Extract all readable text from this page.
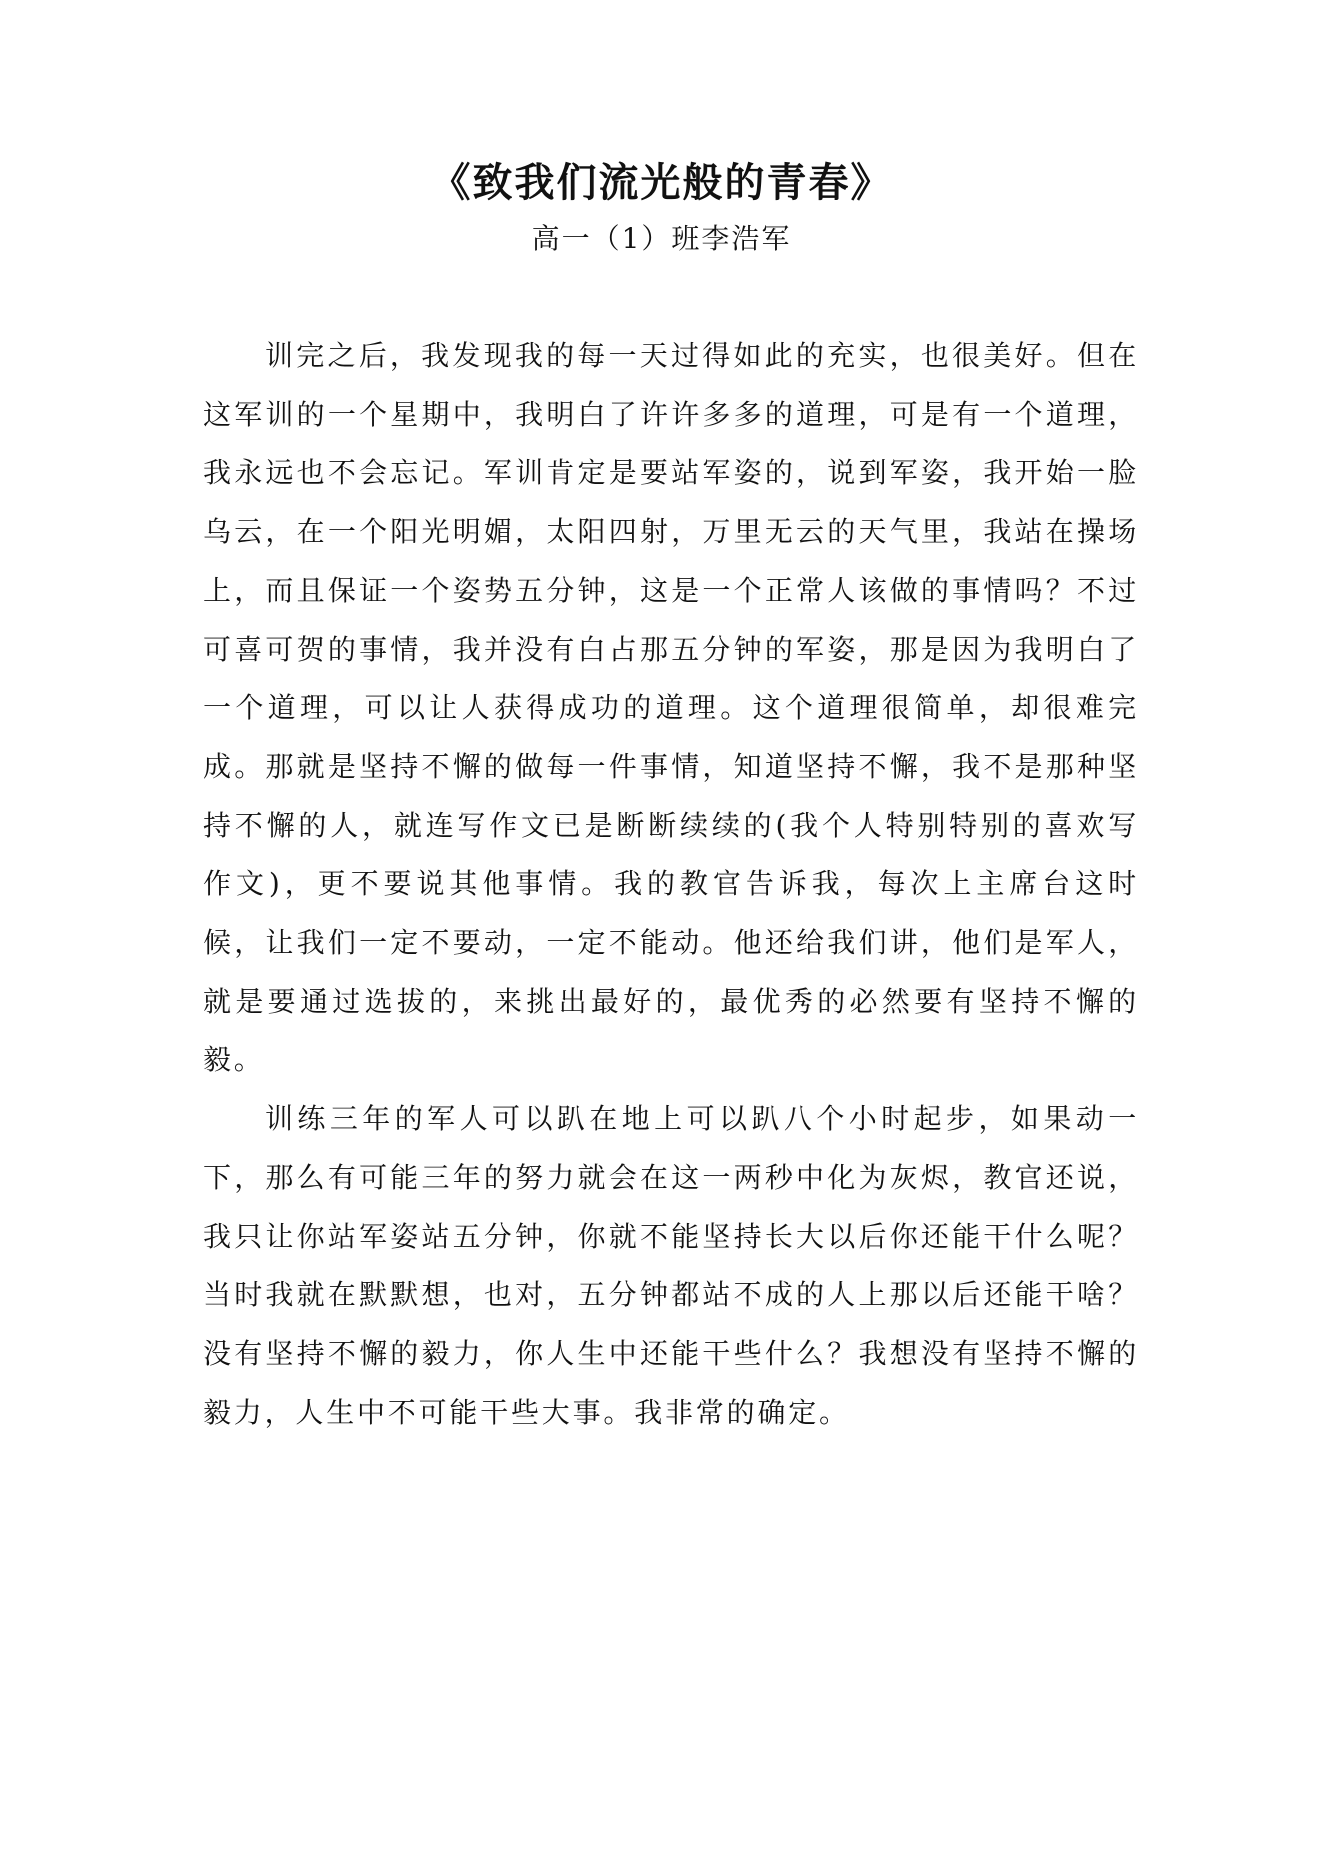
《致我们流光般的青春》

高一（1）班李浩军

训完之后，我发现我的每一天过得如此的充实，也很美好。但在这军训的一个星期中，我明白了许许多多的道理，可是有一个道理，我永远也不会忘记。军训肯定是要站军姿的，说到军姿，我开始一脸乌云，在一个阳光明媚，太阳四射，万里无云的天气里，我站在操场上，而且保证一个姿势五分钟，这是一个正常人该做的事情吗？不过可喜可贺的事情，我并没有白占那五分钟的军姿，那是因为我明白了一个道理，可以让人获得成功的道理。这个道理很简单，却很难完成。那就是坚持不懈的做每一件事情，知道坚持不懈，我不是那种坚持不懈的人，就连写作文已是断断续续的(我个人特别特别的喜欢写作文)，更不要说其他事情。我的教官告诉我，每次上主席台这时候，让我们一定不要动，一定不能动。他还给我们讲，他们是军人，就是要通过选拔的，来挑出最好的，最优秀的必然要有坚持不懈的毅。

训练三年的军人可以趴在地上可以趴八个小时起步，如果动一下，那么有可能三年的努力就会在这一两秒中化为灰烬，教官还说，我只让你站军姿站五分钟，你就不能坚持长大以后你还能干什么呢？当时我就在默默想，也对，五分钟都站不成的人上那以后还能干啥？没有坚持不懈的毅力，你人生中还能干些什么？我想没有坚持不懈的毅力，人生中不可能干些大事。我非常的确定。
